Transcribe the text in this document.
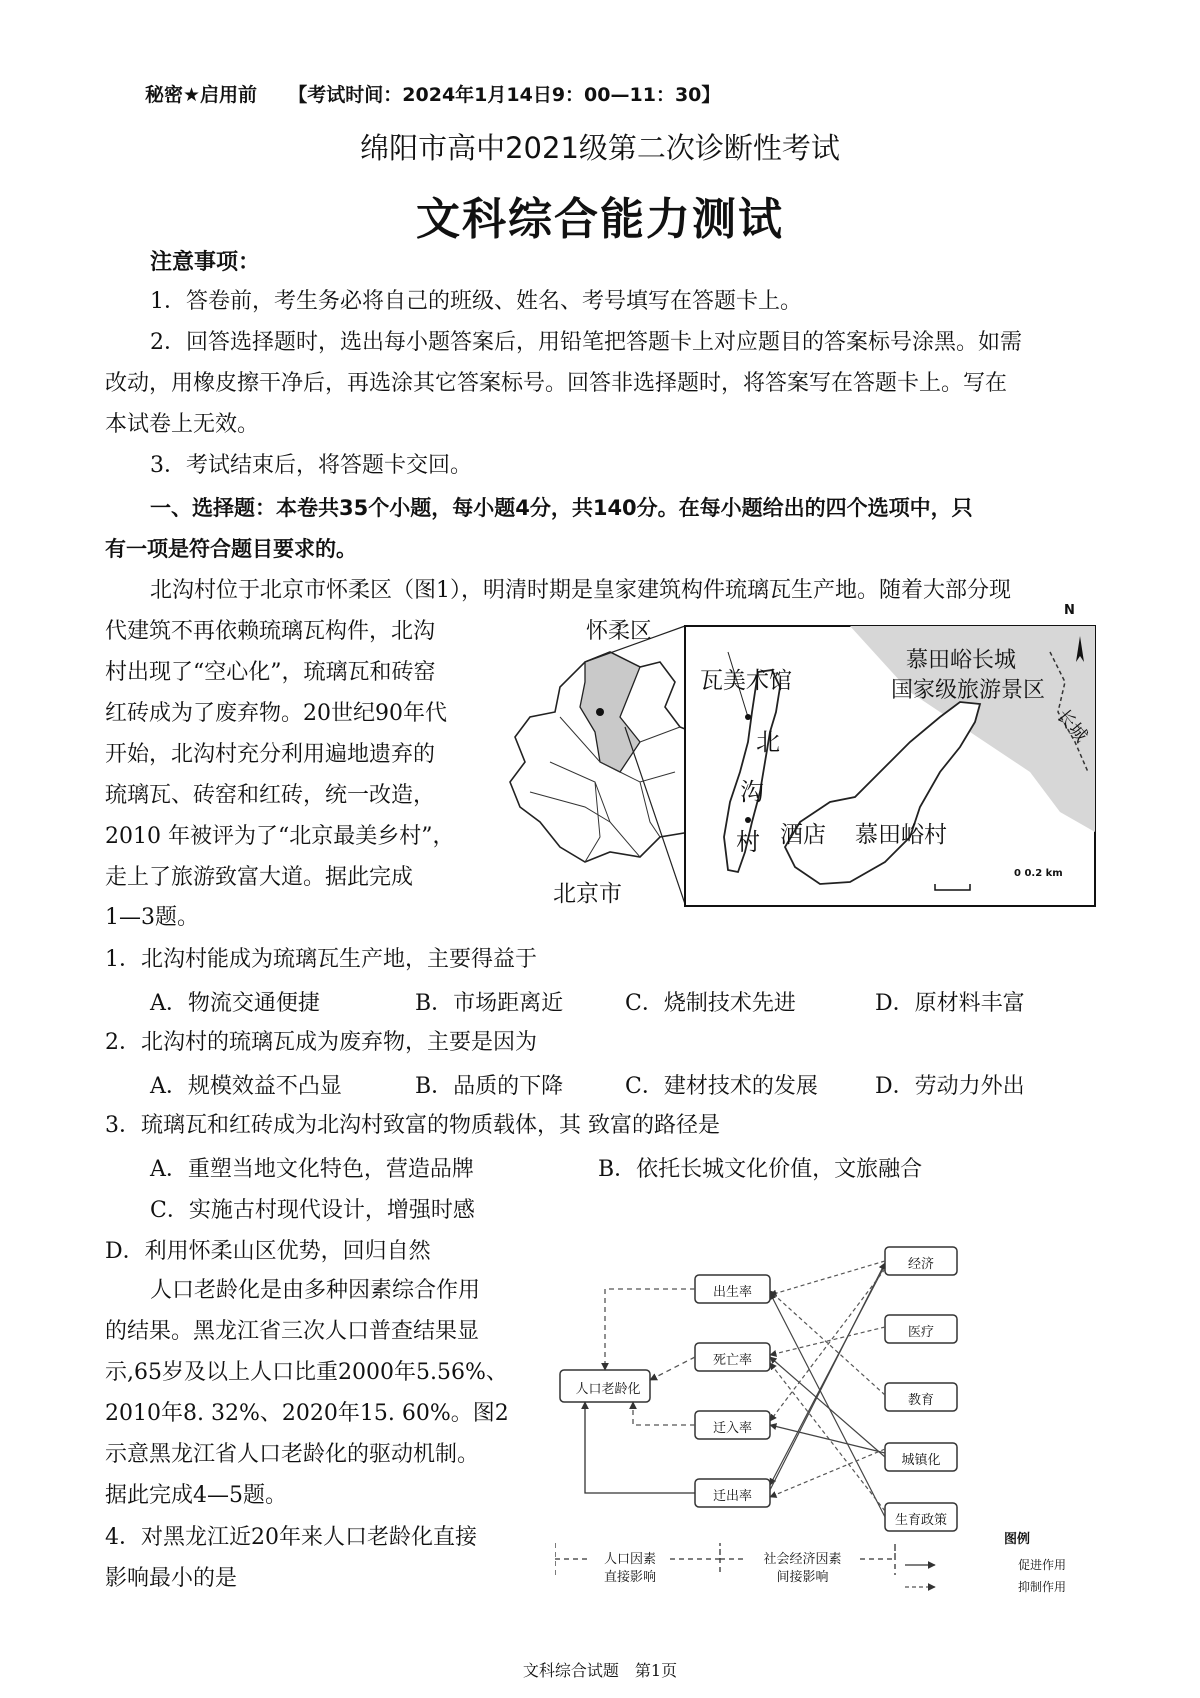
秘密★启用前 【考试时间：2024年1月14日9：00—11：30】
绵阳市高中2021级第二次诊断性考试
文科综合能力测试
注意事项：
1．答卷前，考生务必将自己的班级、姓名、考号填写在答题卡上。
2．回答选择题时，选出每小题答案后，用铅笔把答题卡上对应题目的答案标号涂黑。如需
改动，用橡皮擦干净后，再选涂其它答案标号。回答非选择题时，将答案写在答题卡上。写在
本试卷上无效。
3．考试结束后，将答题卡交回。
一、选择题：本卷共35个小题，每小题4分，共140分。在每小题给出的四个选项中，只
有一项是符合题目要求的。
北沟村位于北京市怀柔区（图1），明清时期是皇家建筑构件琉璃瓦生产地。随着大部分现
代建筑不再依赖琉璃瓦构件，北沟
村出现了“空心化”，琉璃瓦和砖窑
红砖成为了废弃物。20世纪90年代
开始，北沟村充分利用遍地遗弃的
琉璃瓦、砖窑和红砖，统一改造，
2010 年被评为了“北京最美乡村”，
走上了旅游致富大道。据此完成
1—3题。
怀柔区
北京市
瓦美术馆
慕田峪长城
国家级旅游景区
长城
N
北
沟
村 酒店 慕田峪村
0 0.2 km
1．北沟村能成为琉璃瓦生产地，主要得益于
A．物流交通便捷	B．市场距离近	C．烧制技术先进	D．原材料丰富
2．北沟村的琉璃瓦成为废弃物，主要是因为
A．规模效益不凸显	B．品质的下降	C．建材技术的发展	D．劳动力外出
3．琉璃瓦和红砖成为北沟村致富的物质载体，其 致富的路径是
A．重塑当地文化特色，营造品牌	B．依托长城文化价值，文旅融合
C．实施古村现代设计，增强时感
D．利用怀柔山区优势，回归自然
人口老龄化是由多种因素综合作用
的结果。黑龙江省三次人口普查结果显
示,65岁及以上人口比重2000年5.56%、
2010年8. 32%、2020年15. 60%。图2
示意黑龙江省人口老龄化的驱动机制。
据此完成4—5题。
4．对黑龙江近20年来人口老龄化直接
影响最小的是
人口老龄化
出生率
死亡率
迁入率
迁出率
经济
医疗
教育
城镇化
生育政策
人口因素
直接影响
社会经济因素
间接影响
图例
促进作用
抑制作用
文科综合试题　第1页
